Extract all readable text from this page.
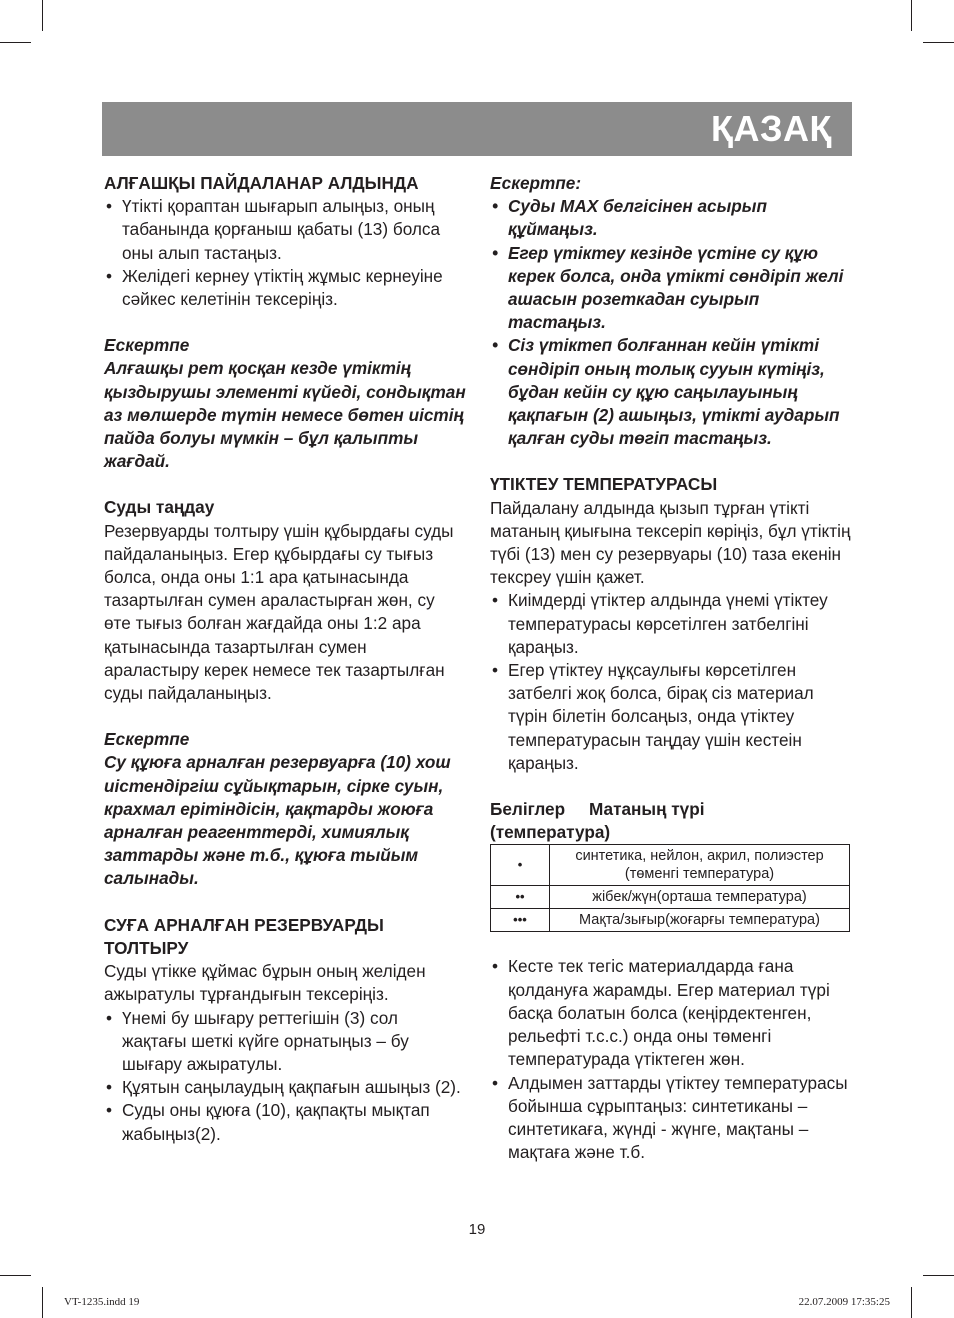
ҚАЗАҚ

АЛҒАШҚЫ ПАЙДАЛАНАР АЛДЫНДА

• Үтікті қораптан шығарып алыңыз, оның табанында қорғаныш қабаты (13) болса оны алып тастаңыз.
• Желідегі кернеу үтіктің жұмыс кернеуіне сәйкес келетінін тексеріңіз.

Ескертпе

Алғашқы рет қосқан кезде үтіктің қыздырушы элементі күйеді, сондықтан аз мөлшерде түтін немесе бөтен иістің пайда болуы мүмкін – бұл қалыпты жағдай.

Суды таңдау

Резервуарды толтыру үшін құбырдағы суды пайдаланыңыз. Егер құбырдағы су тығыз болса, онда оны 1:1 ара қатынасында тазартылған сумен араластырған жөн, су өте тығыз болған жағдайда оны 1:2 ара қатынасында тазартылған сумен араластыру керек немесе тек тазартылған суды пайдаланыңыз.

Ескертпе

Су құюға арналған резервуарға (10) хош иістендіргіш сұйықтарын, сірке суын, крахмал ерітіндісін, қақтарды жоюға арналған реагенттерді, химиялық заттарды және т.б., құюға тыйым салынады.

СУҒА АРНАЛҒАН РЕЗЕРВУАРДЫ ТОЛТЫРУ

Суды үтікке құймас бұрын оның желіден ажыратулы тұрғандығын тексеріңіз.

• Үнемі бу шығару реттегішін (3) сол жақтағы шеткі күйге орнатыңыз – бу шығару ажыратулы.
• Құятын саңылаудың қақпағын ашыңыз (2).
• Суды оны құюға (10), қақпақты мықтап жабыңыз(2).

Ескертпе:

• Суды MAX белгісінен асырып құймаңыз.
• Егер үтіктеу кезінде үстіне су құю керек болса, онда үтікті сөндіріп желі ашасын розеткадан суырып тастаңыз.
• Сіз үтіктеп болғаннан кейін үтікті сөндіріп оның толық сууын күтіңіз, бұдан кейін су құю саңылауының қақпағын (2) ашыңыз, үтікті аударып қалған суды төгіп тастаңыз.

ҮТІКТЕУ ТЕМПЕРАТУРАСЫ

Пайдалану алдында қызып тұрған үтікті матаның қиығына тексеріп көріңіз, бұл үтіктің түбі (13) мен су резервуары (10) таза екенін тексреу үшін қажет.

• Киімдерді үтіктер алдында үнемі үтіктеу температурасы көрсетілген затбелгіні қараңыз.
• Егер үтіктеу нұқсаулығы көрсетілген затбелгі жоқ болса, бірақ сіз материал түрін білетін болсаңыз, онда үтіктеу температурасын таңдау үшін кестеін қараңыз.

Беліглер Матаның түрі

(температура)

•	синтетика, нейлон, акрил, полиэстер (төменгі температура)
••	жібек/жүн(орташа температура)
•••	Мақта/зығыр(жоғарғы температура)
• Кесте тек тегіс материалдарда ғана қолдануға жарамды. Егер материал түрі басқа болатын болса (кеңірдектенген, рельефті т.с.с.) онда оны төменгі температурада үтіктеген жөн.
• Алдымен заттарды үтіктеу температурасы бойынша сұрыптаңыз: синтетиканы – синтетикаға, жүнді - жүнге, мақтаны – мақтаға және т.б.
19
VT-1235.indd 19	22.07.2009 17:35:25
